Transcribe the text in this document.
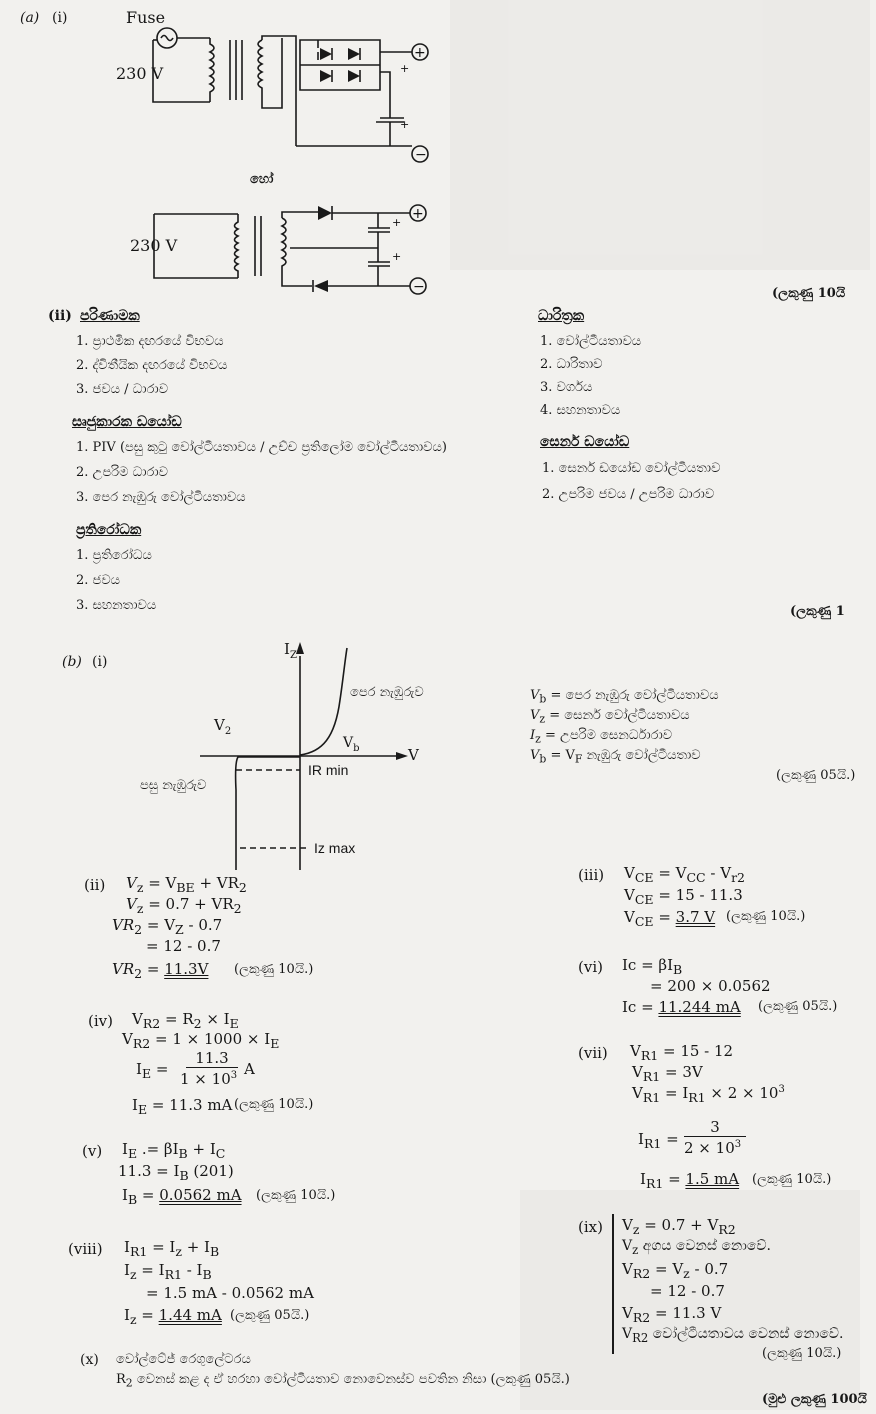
(a) (i)	Fuse
230 V
+
−
+
+
හෝ
230 V
+
−
+
+
(ලකුණු 10යි
(ii) පරිණාමක
1. ප්‍රාථමික දඟරයේ විභවය
2. ද්විතීයික දඟරයේ විභවය
3. ජවය / ධාරාව
සෘජුකාරක ඩයෝඩ
1. PIV (පසු කුටු වෝල්ටීයතාවය / උච්ච ප්‍රතිලෝම වෝල්ටීයතාවය)
2. උපරිම ධාරාව
3. පෙර නැඹුරු වෝල්ටීයතාවය
ප්‍රතිරෝධක
1. ප්‍රතිරෝධය
2. ජවය
3. සහනතාවය
ධාරිත්‍රක
1. වෝල්ටීයතාවය
2. ධාරිතාව
3. වර්ගය
4. සහනතාවය
සෙනර් ඩයෝඩ
1. සෙනර් ඩයෝඩ වෝල්ටීයතාව
2. උපරිම ජවය / උපරිම ධාරාව
(ලකුණු 1
(b) (i)
$I_Z$
V
$V_2$
$V_b$
පෙර නැඹුරුව
පසු නැඹුරුව
IR min
Iz max
$V_b$ = පෙර නැඹුරු වෝල්ටීයතාවය
$V_z$ = සෙනර් වෝල්ටීයතාවය
$I_z$ = උපරිම සෙනර්ධාරාව
$V_b = V_F$ නැඹුරු වෝල්ටීයතාව
(ලකුණු 05යි.)
(ii) $V_z = V_{BE} + VR_2$
$V_z = 0.7 + VR_2$
$VR_2 = V_Z - 0.7$
= 12 - 0.7
$VR_2 = 11.3V$ (ලකුණු 10යි.)
(iii) $V_{CE} = V_{CC} - V_{r2}$
$V_{CE} = 15 - 11.3$
$V_{CE} = 3.7$ V (ලකුණු 10යි.)
(vi) $Ic = \beta I_B$
= 200 × 0.0562
Ic = 11.244 mA (ලකුණු 05යි.)
(iv) $V_{R2} = R_2 \times I_E$
$V_{R2} = 1 \times 1000 \times I_E$
$I_E$ =
11.3
$1 \times 10^3$ A
$I_E = 11.3$ mA (ලකුණු 10යි.)
(vii) $V_{R1} = 15 - 12$
$V_{R1} = 3V$
$V_{R1} = I_{R1} \times 2 \times 10^3$
$I_{R1}$ =
3
$2 \times 10^3$
$I_{R1} = 1.5$ mA (ලකුණු 10යි.)
(v) $I_E$ .= $\beta I_B + I_C$
$11.3 = I_B$ (201)
$I_B = 0.0562$ mA (ලකුණු 10යි.)
(viii) $I_{R1} = I_z + I_B$
$I_z = I_{R1} - I_B$
= 1.5 mA - 0.0562 mA
$I_z = 1.44$ mA (ලකුණු 05යි.)
(ix) $V_z = 0.7 + V_{R2}$
$V_z$ අගය වෙනස් නොවේ.
$V_{R2} = V_z - 0.7$
= 12 - 0.7
$V_{R2} = 11.3$ V
$V_{R2}$ වෝල්ටීයතාවය වෙනස් නොවේ.
(ලකුණු 10යි.)
(x) වෝල්ටේජ් රෙගුලේටරය
$R_2$ වෙනස් කළ ද ඒ හරහා වෝල්ටීයතාව නොවෙනස්ව පවතින නිසා (ලකුණු 05යි.)
(මුළු ලකුණු 100යි
